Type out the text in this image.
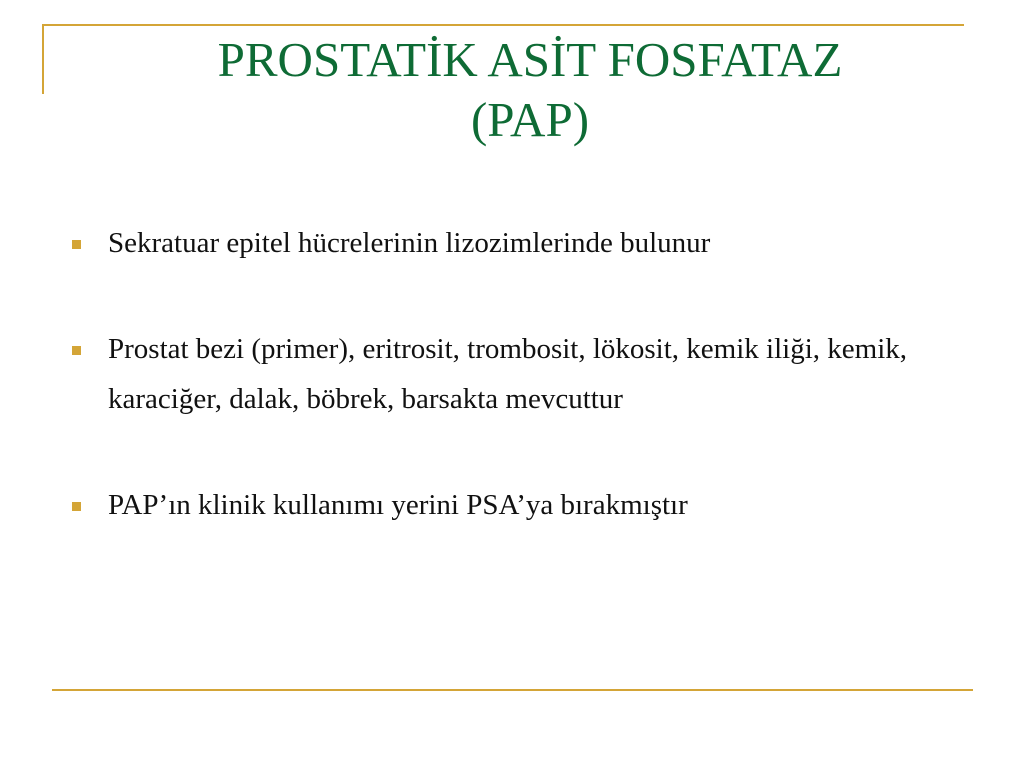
PROSTATİK ASİT FOSFATAZ
(PAP)
Sekratuar epitel hücrelerinin lizozimlerinde bulunur
Prostat bezi (primer), eritrosit, trombosit, lökosit, kemik iliği, kemik, karaciğer, dalak, böbrek, barsakta mevcuttur
PAP’ın klinik kullanımı yerini PSA’ya bırakmıştır
